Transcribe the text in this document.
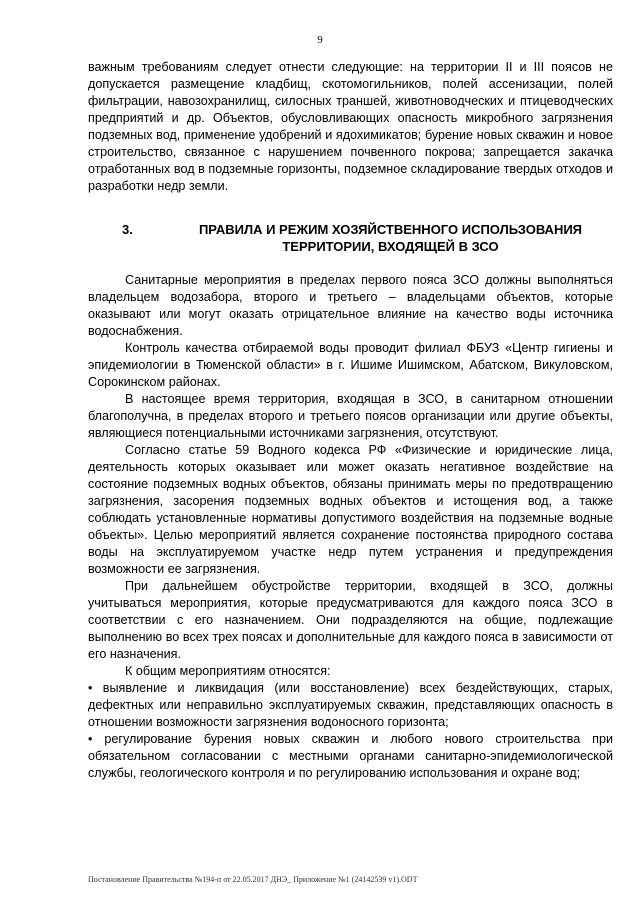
9

важным требованиям следует отнести следующие: на территории II и III поясов не допускается размещение кладбищ, скотомогильников, полей ассенизации, полей фильтрации, навозохранилищ, силосных траншей, животноводческих и птицеводческих предприятий и др. Объектов, обусловливающих опасность микробного загрязнения подземных вод, применение удобрений и ядохимикатов; бурение новых скважин и новое строительство, связанное с нарушением почвенного покрова; запрещается закачка отработанных вод в подземные горизонты, подземное складирование твердых отходов и разработки недр земли.

3.	ПРАВИЛА И РЕЖИМ ХОЗЯЙСТВЕННОГО ИСПОЛЬЗОВАНИЯ ТЕРРИТОРИИ, ВХОДЯЩЕЙ В ЗСО

Санитарные мероприятия в пределах первого пояса ЗСО должны выполняться владельцем водозабора, второго и третьего – владельцами объектов, которые оказывают или могут оказать отрицательное влияние на качество воды источника водоснабжения.

Контроль качества отбираемой воды проводит филиал ФБУЗ «Центр гигиены и эпидемиологии в Тюменской области» в г. Ишиме Ишимском, Абатском, Викуловском, Сорокинском районах.

В настоящее время территория, входящая в ЗСО, в санитарном отношении благополучна, в пределах второго и третьего поясов организации или другие объекты, являющиеся потенциальными источниками загрязнения, отсутствуют.

Согласно статье 59 Водного кодекса РФ «Физические и юридические лица, деятельность которых оказывает или может оказать негативное воздействие на состояние подземных водных объектов, обязаны принимать меры по предотвращению загрязнения, засорения подземных водных объектов и истощения вод, а также соблюдать установленные нормативы допустимого воздействия на подземные водные объекты». Целью мероприятий является сохранение постоянства природного состава воды на эксплуатируемом участке недр путем устранения и предупреждения возможности ее загрязнения.

При дальнейшем обустройстве территории, входящей в ЗСО, должны учитываться мероприятия, которые предусматриваются для каждого пояса ЗСО в соответствии с его назначением. Они подразделяются на общие, подлежащие выполнению во всех трех поясах и дополнительные для каждого пояса в зависимости от его назначения.

К общим мероприятиям относятся:

• выявление и ликвидация (или восстановление) всех бездействующих, старых, дефектных или неправильно эксплуатируемых скважин, представляющих опасность в отношении возможности загрязнения водоносного горизонта;

• регулирование бурения новых скважин и любого нового строительства при обязательном согласовании с местными органами санитарно-эпидемиологической службы, геологического контроля и по регулированию использования и охране вод;

Постановление Правительства №194-п от 22.05.2017 ДНЭ_ Приложение №1 (24142539 v1).ODT
